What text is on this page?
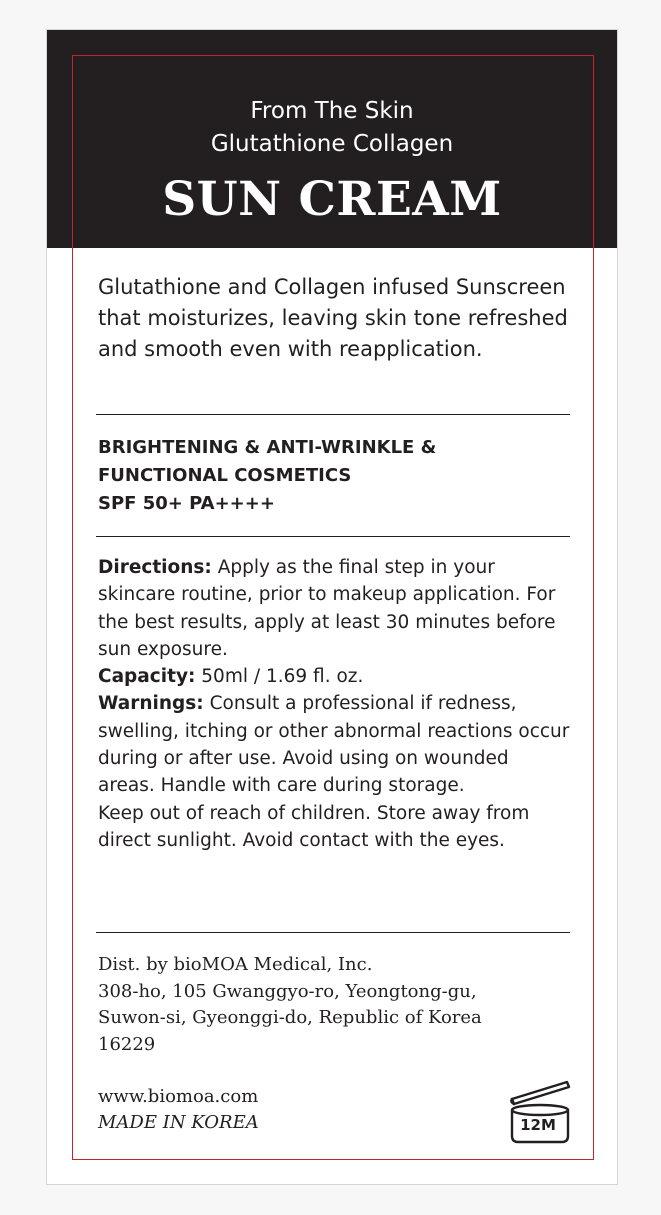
From The Skin
Glutathione Collagen
SUN CREAM
Glutathione and Collagen infused Sunscreen that moisturizes, leaving skin tone refreshed and smooth even with reapplication.
BRIGHTENING & ANTI-WRINKLE &
FUNCTIONAL COSMETICS
SPF 50+ PA++++
Directions: Apply as the final step in your skincare routine, prior to makeup application. For the best results, apply at least 30 minutes before sun exposure.
Capacity: 50ml / 1.69 fl. oz.
Warnings: Consult a professional if redness, swelling, itching or other abnormal reactions occur during or after use. Avoid using on wounded areas. Handle with care during storage.
Keep out of reach of children. Store away from direct sunlight. Avoid contact with the eyes.
Dist. by bioMOA Medical, Inc.
308-ho, 105 Gwanggyo-ro, Yeongtong-gu,
Suwon-si, Gyeonggi-do, Republic of Korea
16229
www.biomoa.com
MADE IN KOREA	12M
